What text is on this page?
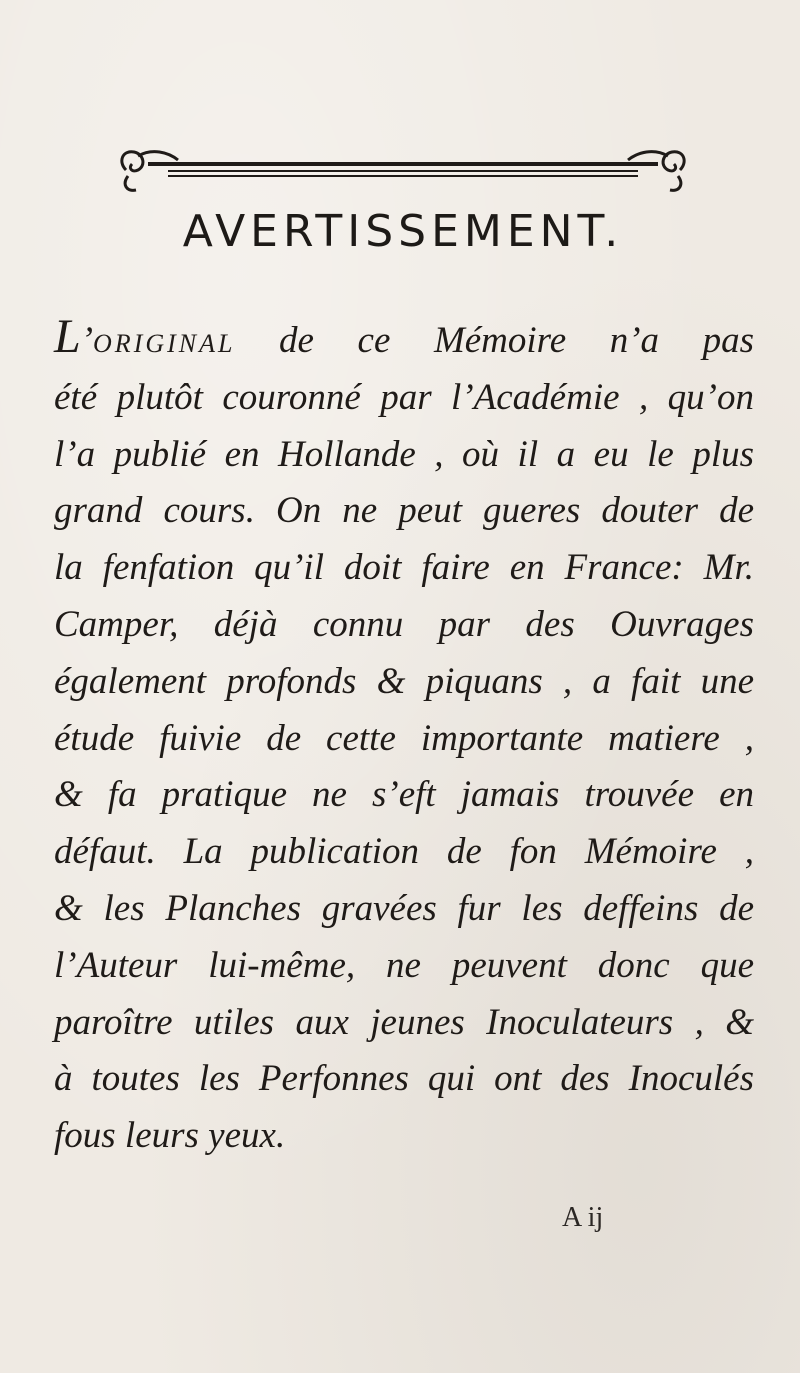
AVERTISSEMENT.
L’ORIGINAL de ce Mémoire n’a pas
été plutôt couronné par l’Académie , qu’on
l’a publié en Hollande , où il a eu le plus
grand cours. On ne peut gueres douter de
la fenfation qu’il doit faire en France: Mr.
Camper, déjà connu par des Ouvrages
également profonds & piquans , a fait une
étude fuivie de cette importante matiere ,
& fa pratique ne s’eft jamais trouvée en
défaut. La publication de fon Mémoire ,
& les Planches gravées fur les deffeins de
l’Auteur lui-même, ne peuvent donc que
paroître utiles aux jeunes Inoculateurs , &
à toutes les Perfonnes qui ont des Inoculés
fous leurs yeux.
A ij
